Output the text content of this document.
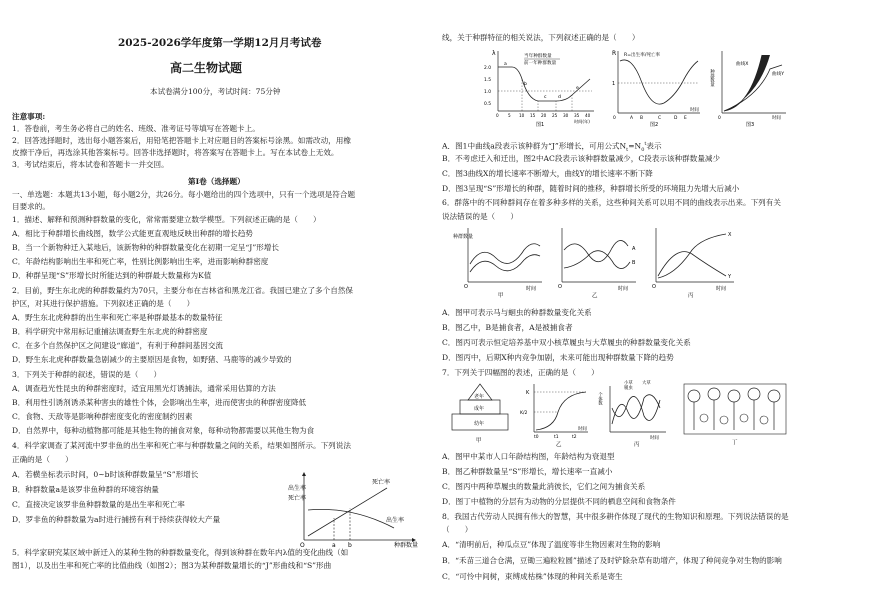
2025-2026学年度第一学期12月月考试卷
高二生物试题
本试卷满分100分，考试时间：75分钟
注意事项:
1．答卷前，考生务必将自己的姓名、班级、准考证号等填写在答题卡上。
2．回答选择题时，选出每小题答案后，用铅笔把答题卡上对应题目的答案标号涂黑。如需改动，用橡
皮擦干净后，再选涂其他答案标号。回答非选择题时，将答案写在答题卡上。写在本试卷上无效。
3．考试结束后，将本试卷和答题卡一并交回。
第I卷（选择题）
一、单选题：本题共13小题，每小题2分，共26分。每小题给出的四个选项中，只有一个选项是符合题
目要求的。
1．描述、解释和预测种群数量的变化，常常需要建立数学模型。下列叙述正确的是（　　）
A．相比于种群增长曲线图，数学公式能更直观地反映出种群的增长趋势
B．当一个新物种迁入某地后，该新物种的种群数量变化在初期一定呈“J”形增长
C．年龄结构影响出生率和死亡率，性别比例影响出生率，进而影响种群密度
D．种群呈现“S”形增长时所能达到的种群最大数量称为K值
2．目前，野生东北虎的种群数量约为70只，主要分布在吉林省和黑龙江省。我国已建立了多个自然保
护区，对其进行保护措施。下列叙述正确的是（　　）
A．野生东北虎种群的出生率和死亡率是种群最基本的数量特征
B．科学研究中常用标记重捕法调查野生东北虎的种群密度
C．在多个自然保护区之间建设“廊道”，有利于种群间基因交流
D．野生东北虎种群数量急剧减少的主要原因是食物，如野猪、马鹿等的减少导致的
3．下列关于种群的叙述，错误的是（　　）
A．调查趋光性昆虫的种群密度时，适宜用黑光灯诱捕法，通常采用估算的方法
B．利用性引诱剂诱杀某种害虫的雄性个体，会影响出生率，进而使害虫的种群密度降低
C．食物、天敌等是影响种群密度变化的密度制约因素
D．自然界中，每种动植物都可能是其他生物的捕食对象，每种动物都需要以其他生物为食
4．科学家调查了某河流中罗非鱼的出生率和死亡率与种群数量之间的关系，结果如图所示。下列说法
正确的是（　　）
A．若横坐标表示时间，0~b时该种群数量呈“S”形增长
B．种群数量a是该罗非鱼种群的环境容纳量
C．直接决定该罗非鱼种群数量的是出生率和死亡率
D．罗非鱼的种群数量为a时进行捕捞有利于持续获得较大产量
出生率
死亡率
死亡率
出生率
O	a b	种群数量
5．科学家研究某区域中新迁入的某种生物的种群数量变化，得到该种群在数年内λ值的变化曲线（如
图1），以及出生率和死亡率的比值曲线（如图2）；图3为某种群数量增长的“J”形曲线和“S”形曲
线，关于种群特征的相关说法，下列叙述正确的是（　　）
λ	当年种群数量
前一年种群数量
2.0
1.5
1.0
0.5
a
b
c d
e
0 5 10 15 20 25 30 35 40
时间(年)
图1
R R=出生率/死亡率
1
0	A B	C	D E
时间
图2
种群数量
曲线X
曲线Y
0	时间
图3
A．图1中曲线a段表示该种群为“J”形增长，可用公式$N_t=N_0^t$表示
B．不考虑迁入和迁出，图2中AC段表示该种群数量减少，C段表示该种群数量减少
C．图3曲线X的增长速率不断增大，曲线Y的增长速率不断下降
D．图3呈现“S”形增长的种群，随着时间的推移，种群增长所受的环境阻力先增大后减小
6．群落中的不同种群间存在着多种多样的关系，这些种间关系可以用不同的曲线表示出来。下列有关
说法错误的是（　　）
种群数量
O	时间
甲
A
B
O	时间
乙
X
Y
O	时间
丙
A．图甲可表示马与蛔虫的种群数量变化关系
B．图乙中，B是捕食者，A是被捕食者
C．图丙可表示恒定培养基中双小核草履虫与大草履虫的种群数量变化关系
D．图丙中，后期X种内竞争加剧，未来可能出现种群数量下降的趋势
7．下列关于四幅图的表述，正确的是（　　）
老年
成年
幼年
甲
K
K/2
t0	t1	t2
时间
乙
个体数
小草
履虫
大草
时间
丙	丁
A．图甲中某市人口年龄结构图，年龄结构为衰退型
B．图乙种群数量呈“S”形增长，增长速率一直减小
C．图丙中两种草履虫的数量此消彼长，它们之间为捕食关系
D．图丁中植物的分层有为动物的分层提供不同的栖息空间和食物条件
8．我国古代劳动人民拥有伟大的智慧，其中很多耕作体现了现代的生物知识和原理。下列说法错误的是
（　　）
A．“清明前后，种瓜点豆”体现了温度等非生物因素对生物的影响
B．“禾苗三道合仓满，豆锄三遍粒粒圆”描述了及时铲除杂草有助增产，体现了种间竞争对生物的影响
C．“可怜中间树，束缚成枯株”体现的种间关系是寄生
